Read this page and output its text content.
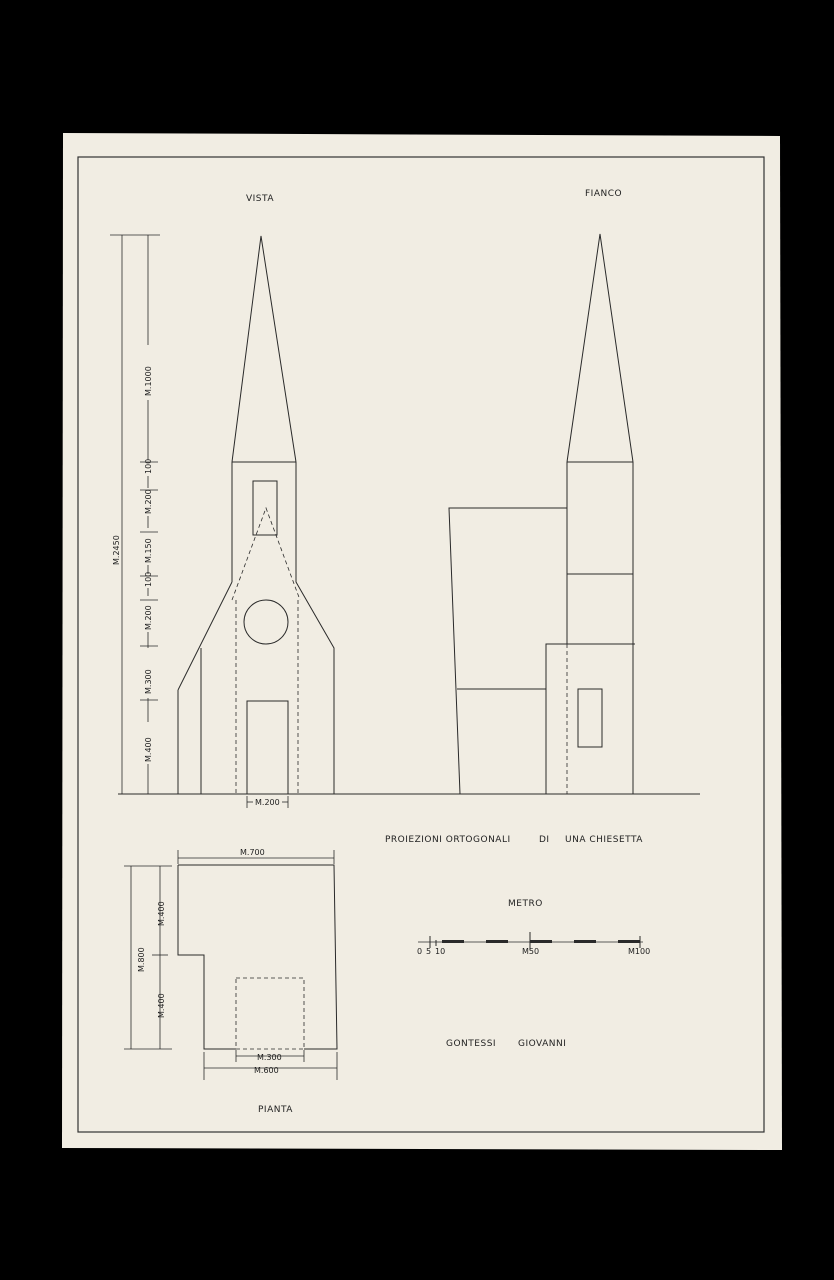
VISTA	FIANCO
PIANTA
PROIEZIONI ORTOGONALI	DI UNA CHIESETTA
METRO
0 5 10	M50	M100
GONTESSI GIOVANNI
M.2450
M.1000
100
M.200
M.150
100
M.200
M.300
M.400
M.200
M.700
M.800
M.400
M.400
M.300
M.600
